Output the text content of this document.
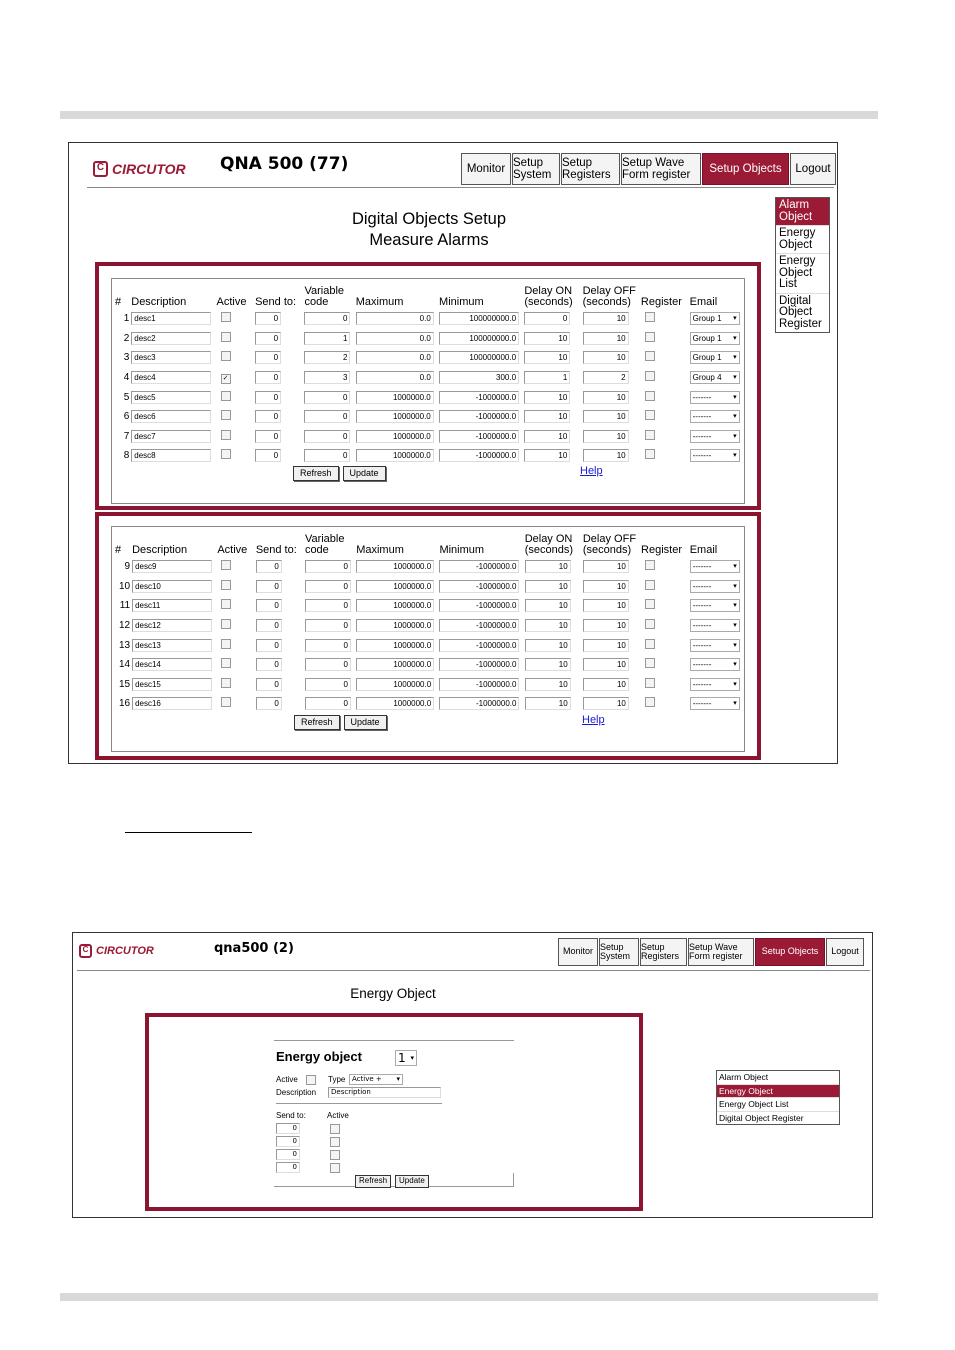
C CIRCUTOR QNA 500 (77)	Monitor
Setup System
Setup Registers
Setup Wave Form register
Setup Objects	Logout
Digital Objects Setup
Measure Alarms
Alarm Object
Energy Object
Energy Object List
Digital Object Register
#	Description	Active	Send to:	Variable code	Maximum	Minimum	Delay ON (seconds)	Delay OFF (seconds)	Register	Email
1	desc1		0	0	0.0	100000000.0	0	10		Group 1 ▾

2	desc2		0	1	0.0	100000000.0	10	10		Group 1 ▾

3	desc3		0	2	0.0	100000000.0	10	10		Group 1 ▾

4	desc4	✓	0	3	0.0	300.0	1	2		Group 4 ▾

5	desc5		0	0	1000000.0	-1000000.0	10	10		------- ▾

6	desc6		0	0	1000000.0	-1000000.0	10	10		------- ▾

7	desc7		0	0	1000000.0	-1000000.0	10	10		------- ▾

8	desc8		0	0	1000000.0	-1000000.0	10	10		------- ▾
Refresh	Update	Help
#	Description	Active	Send to:	Variable code	Maximum	Minimum	Delay ON (seconds)	Delay OFF (seconds)	Register	Email
9	desc9		0	0	1000000.0	-1000000.0	10	10		------- ▾

10	desc10		0	0	1000000.0	-1000000.0	10	10		------- ▾

11	desc11		0	0	1000000.0	-1000000.0	10	10		------- ▾

12	desc12		0	0	1000000.0	-1000000.0	10	10		------- ▾

13	desc13		0	0	1000000.0	-1000000.0	10	10		------- ▾

14	desc14		0	0	1000000.0	-1000000.0	10	10		------- ▾

15	desc15		0	0	1000000.0	-1000000.0	10	10		------- ▾

16	desc16		0	0	1000000.0	-1000000.0	10	10		------- ▾
Refresh	Update	Help
C CIRCUTOR	qna500 (2)	Monitor Setup System
Setup Registers
Setup Wave Form register	Setup Objects	Logout
Energy Object
Energy object	1 ▾
Active	Type Active + ▾
Description	Description
Send to:	Active
0
0
0
0
Refresh	Update
Alarm Object
Energy Object
Energy Object List
Digital Object Register
